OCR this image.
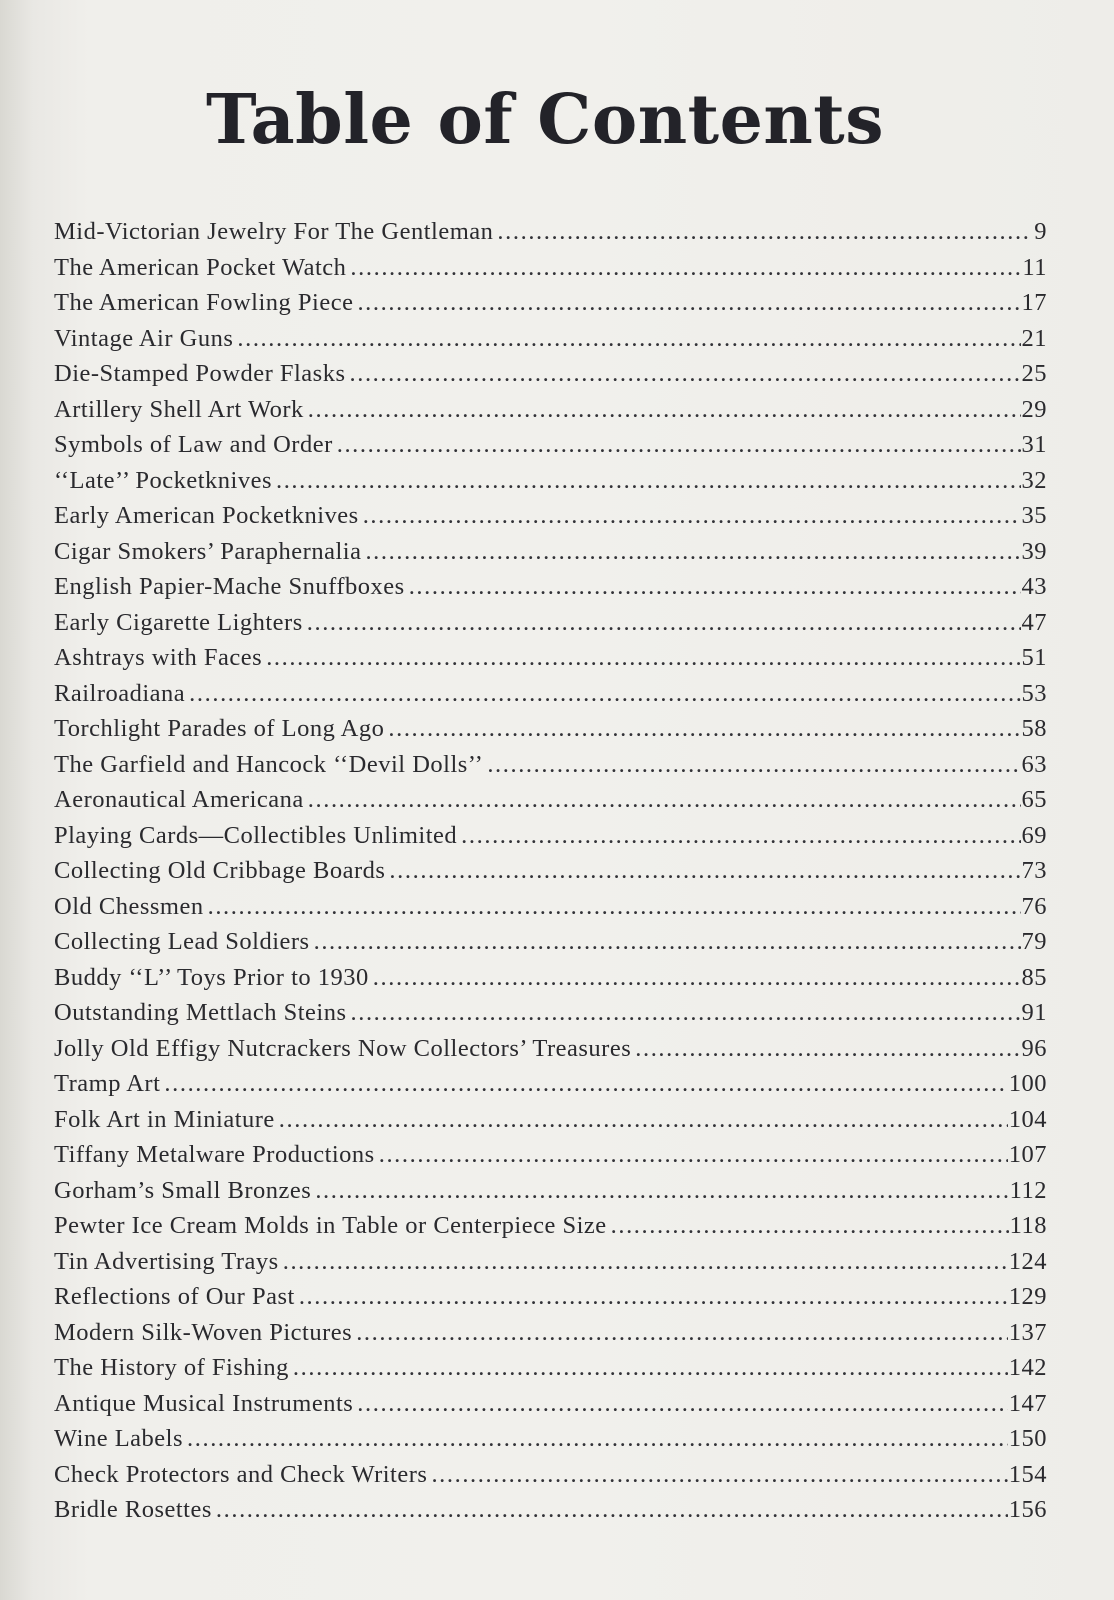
Table of Contents
Mid-Victorian Jewelry For The Gentleman .....	9
The American Pocket Watch .....	11
The American Fowling Piece .....	17
Vintage Air Guns .....	21
Die-Stamped Powder Flasks .....	25
Artillery Shell Art Work .....	29
Symbols of Law and Order .....	31
‘‘Late’’ Pocketknives .....	32
Early American Pocketknives .....	35
Cigar Smokers’ Paraphernalia .....	39
English Papier-Mache Snuffboxes .....	43
Early Cigarette Lighters .....	47
Ashtrays with Faces .....	51
Railroadiana .....	53
Torchlight Parades of Long Ago .....	58
The Garfield and Hancock ‘‘Devil Dolls’’ .....	63
Aeronautical Americana .....	65
Playing Cards—Collectibles Unlimited .....	69
Collecting Old Cribbage Boards .....	73
Old Chessmen .....	76
Collecting Lead Soldiers .....	79
Buddy ‘‘L’’ Toys Prior to 1930 .....	85
Outstanding Mettlach Steins .....	91
Jolly Old Effigy Nutcrackers Now Collectors’ Treasures .....	96
Tramp Art .....	100
Folk Art in Miniature .....	104
Tiffany Metalware Productions .....	107
Gorham’s Small Bronzes .....	112
Pewter Ice Cream Molds in Table or Centerpiece Size .....	118
Tin Advertising Trays .....	124
Reflections of Our Past .....	129
Modern Silk-Woven Pictures .....	137
The History of Fishing .....	142
Antique Musical Instruments .....	147
Wine Labels .....	150
Check Protectors and Check Writers .....	154
Bridle Rosettes .....	156
